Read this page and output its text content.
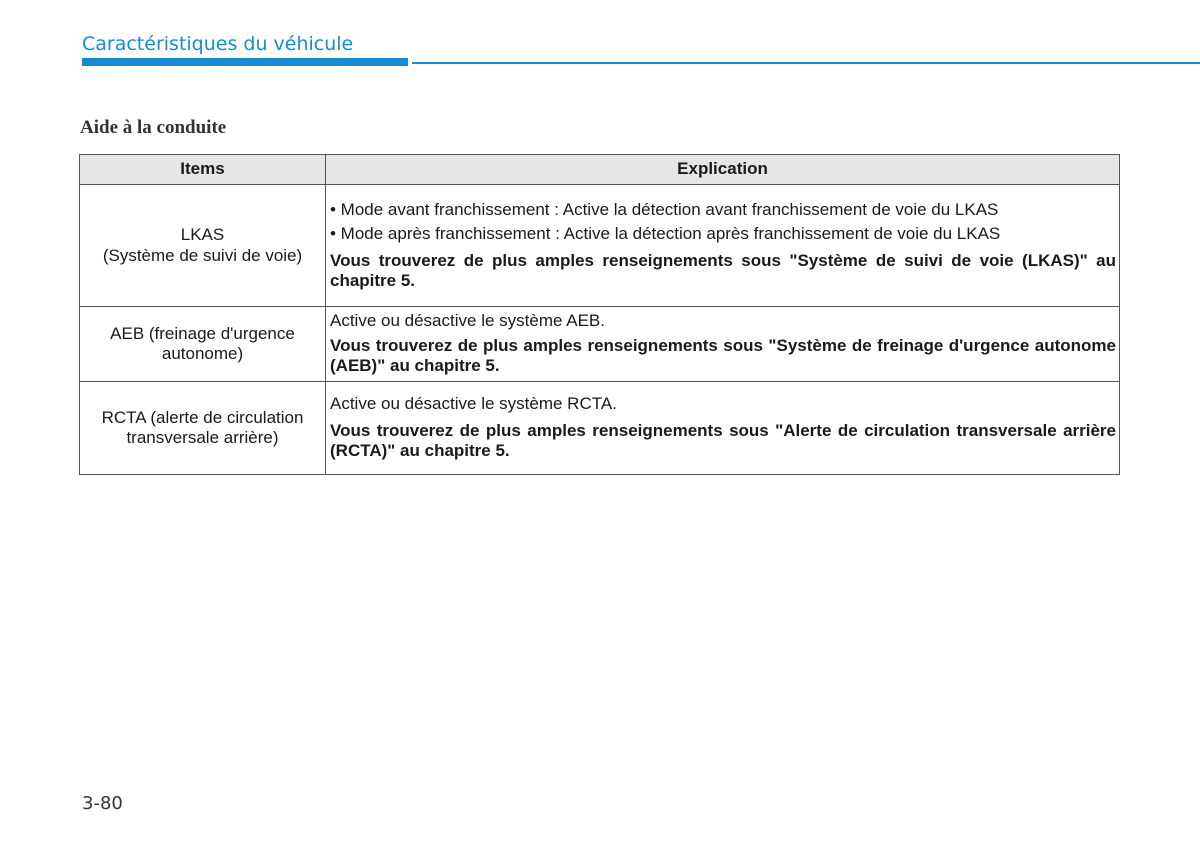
Caractéristiques du véhicule
Aide à la conduite
Items	Explication

LKAS
(Système de suivi de voie)	• Mode avant franchissement : Active la détection avant franchissement de voie du LKAS
• Mode après franchissement : Active la détection après franchissement de voie du LKAS
Vous trouverez de plus amples renseignements sous "Système de suivi de voie (LKAS)" au chapitre 5.

AEB (freinage d'urgence
autonome)	Active ou désactive le système AEB.
Vous trouverez de plus amples renseignements sous "Système de freinage d'urgence autonome (AEB)" au chapitre 5.

RCTA (alerte de circulation
transversale arrière)	Active ou désactive le système RCTA.
Vous trouverez de plus amples renseignements sous "Alerte de circulation transversale arrière (RCTA)" au chapitre 5.
3-80
